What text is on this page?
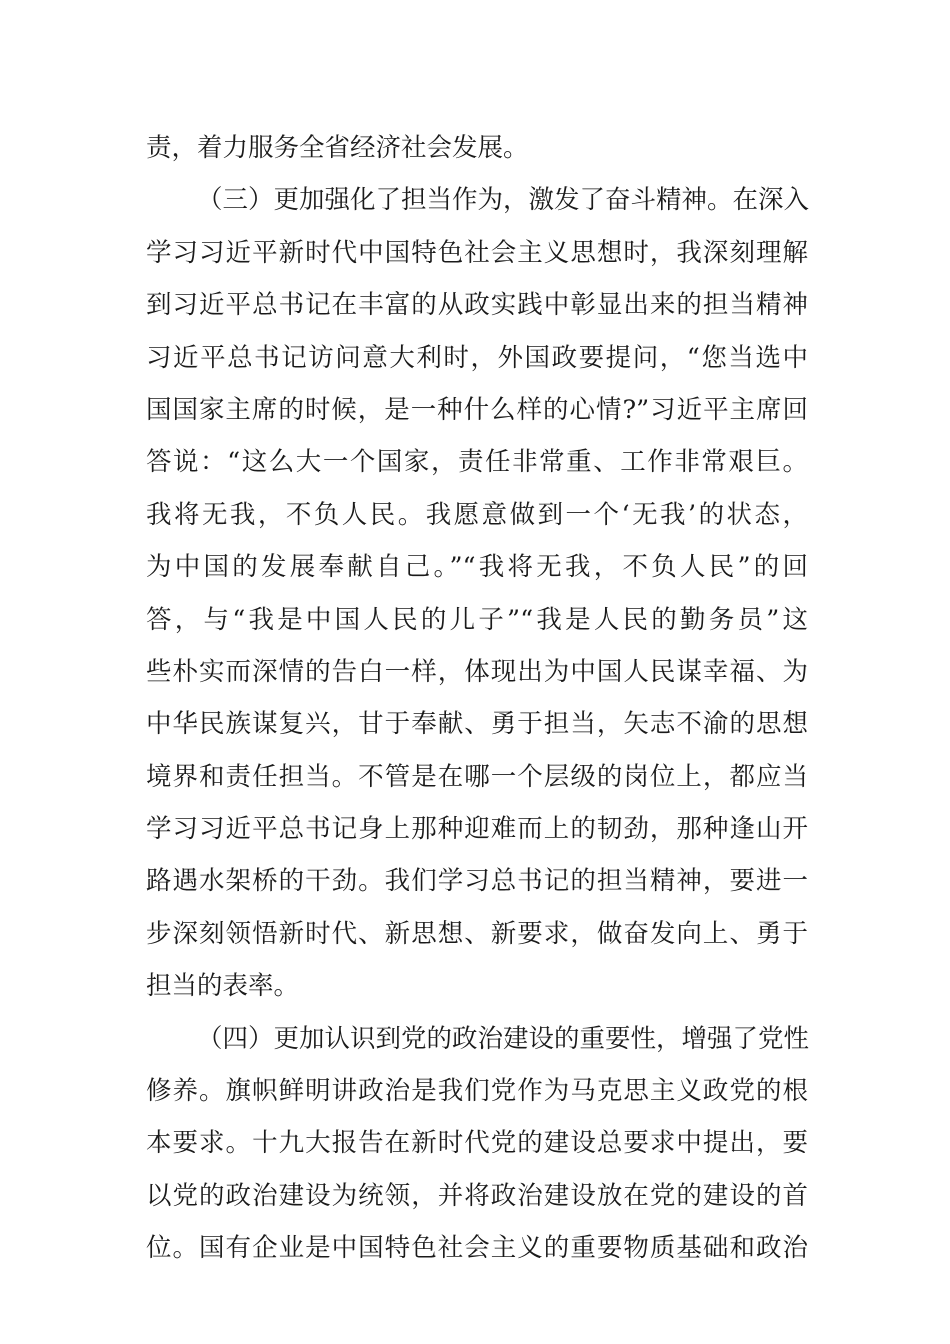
责，着力服务全省经济社会发展。
（三）更加强化了担当作为，激发了奋斗精神。在深入
学习习近平新时代中国特色社会主义思想时，我深刻理解
到习近平总书记在丰富的从政实践中彰显出来的担当精神
习近平总书记访问意大利时，外国政要提问，“您当选中
国国家主席的时候，是一种什么样的心情?”习近平主席回
答说：“这么大一个国家，责任非常重、工作非常艰巨。
我将无我，不负人民。我愿意做到一个‘无我’的状态，
为中国的发展奉献自己。”“我将无我，不负人民”的回
答，与“我是中国人民的儿子”“我是人民的勤务员”这
些朴实而深情的告白一样，体现出为中国人民谋幸福、为
中华民族谋复兴，甘于奉献、勇于担当，矢志不渝的思想
境界和责任担当。不管是在哪一个层级的岗位上，都应当
学习习近平总书记身上那种迎难而上的韧劲，那种逢山开
路遇水架桥的干劲。我们学习总书记的担当精神，要进一
步深刻领悟新时代、新思想、新要求，做奋发向上、勇于
担当的表率。
（四）更加认识到党的政治建设的重要性，增强了党性
修养。旗帜鲜明讲政治是我们党作为马克思主义政党的根
本要求。十九大报告在新时代党的建设总要求中提出，要
以党的政治建设为统领，并将政治建设放在党的建设的首
位。国有企业是中国特色社会主义的重要物质基础和政治
